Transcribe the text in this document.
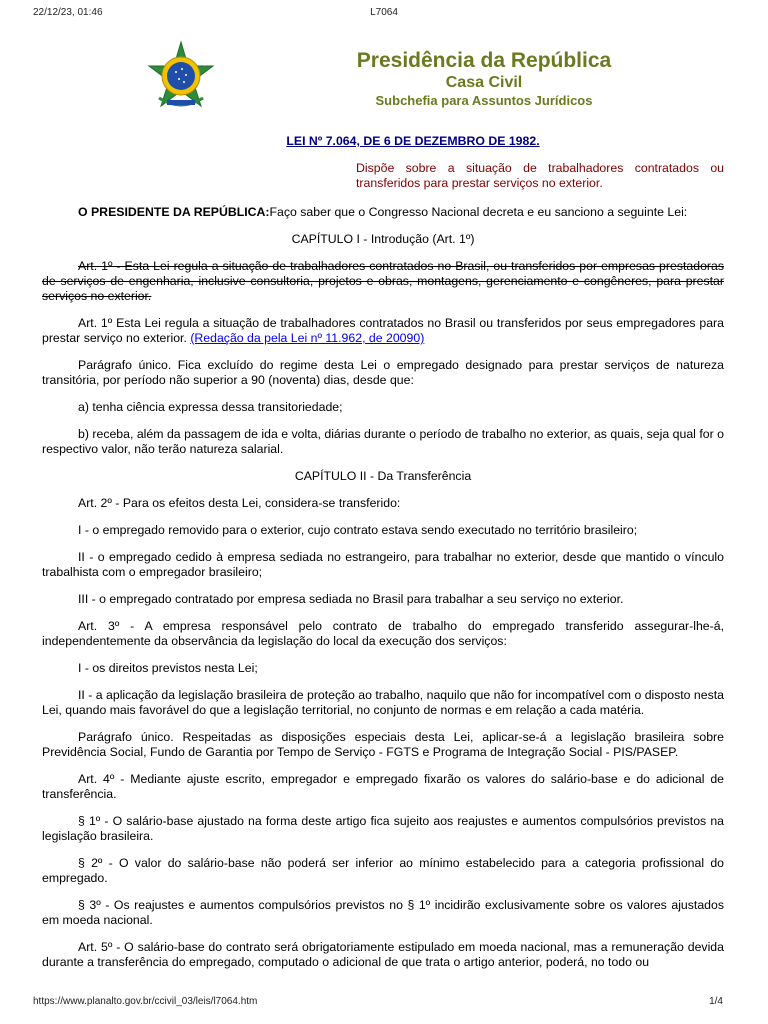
22/12/23, 01:46	L7064
Presidência da República
Casa Civil
Subchefia para Assuntos Jurídicos
LEI Nº 7.064, DE 6 DE DEZEMBRO DE 1982.
Dispõe sobre a situação de trabalhadores contratados ou transferidos para prestar serviços no exterior.

O PRESIDENTE DA REPÚBLICA:Faço saber que o Congresso Nacional decreta e eu sanciono a seguinte Lei:

CAPÍTULO I - Introdução (Art. 1º)

Art. 1º - Esta Lei regula a situação de trabalhadores contratados no Brasil, ou transferidos por empresas prestadoras de serviços de engenharia, inclusive consultoria, projetos e obras, montagens, gerenciamento e congêneres, para prestar serviços no exterior.

Art. 1º Esta Lei regula a situação de trabalhadores contratados no Brasil ou transferidos por seus empregadores para prestar serviço no exterior. (Redação da pela Lei nº 11.962, de 20090)

Parágrafo único. Fica excluído do regime desta Lei o empregado designado para prestar serviços de natureza transitória, por período não superior a 90 (noventa) dias, desde que:

a) tenha ciência expressa dessa transitoriedade;

b) receba, além da passagem de ida e volta, diárias durante o período de trabalho no exterior, as quais, seja qual for o respectivo valor, não terão natureza salarial.

CAPÍTULO II - Da Transferência

Art. 2º - Para os efeitos desta Lei, considera-se transferido:

I - o empregado removido para o exterior, cujo contrato estava sendo executado no território brasileiro;

II - o empregado cedido à empresa sediada no estrangeiro, para trabalhar no exterior, desde que mantido o vínculo trabalhista com o empregador brasileiro;

III - o empregado contratado por empresa sediada no Brasil para trabalhar a seu serviço no exterior.

Art. 3º - A empresa responsável pelo contrato de trabalho do empregado transferido assegurar-lhe-á, independentemente da observância da legislação do local da execução dos serviços:

I - os direitos previstos nesta Lei;

II - a aplicação da legislação brasileira de proteção ao trabalho, naquilo que não for incompatível com o disposto nesta Lei, quando mais favorável do que a legislação territorial, no conjunto de normas e em relação a cada matéria.

Parágrafo único. Respeitadas as disposições especiais desta Lei, aplicar-se-á a legislação brasileira sobre Previdência Social, Fundo de Garantia por Tempo de Serviço - FGTS e Programa de Integração Social - PIS/PASEP.

Art. 4º - Mediante ajuste escrito, empregador e empregado fixarão os valores do salário-base e do adicional de transferência.

§ 1º - O salário-base ajustado na forma deste artigo fica sujeito aos reajustes e aumentos compulsórios previstos na legislação brasileira.

§ 2º - O valor do salário-base não poderá ser inferior ao mínimo estabelecido para a categoria profissional do empregado.

§ 3º - Os reajustes e aumentos compulsórios previstos no § 1º incidirão exclusivamente sobre os valores ajustados em moeda nacional.

Art. 5º - O salário-base do contrato será obrigatoriamente estipulado em moeda nacional, mas a remuneração devida durante a transferência do empregado, computado o adicional de que trata o artigo anterior, poderá, no todo ou

https://www.planalto.gov.br/ccivil_03/leis/l7064.htm	1/4
